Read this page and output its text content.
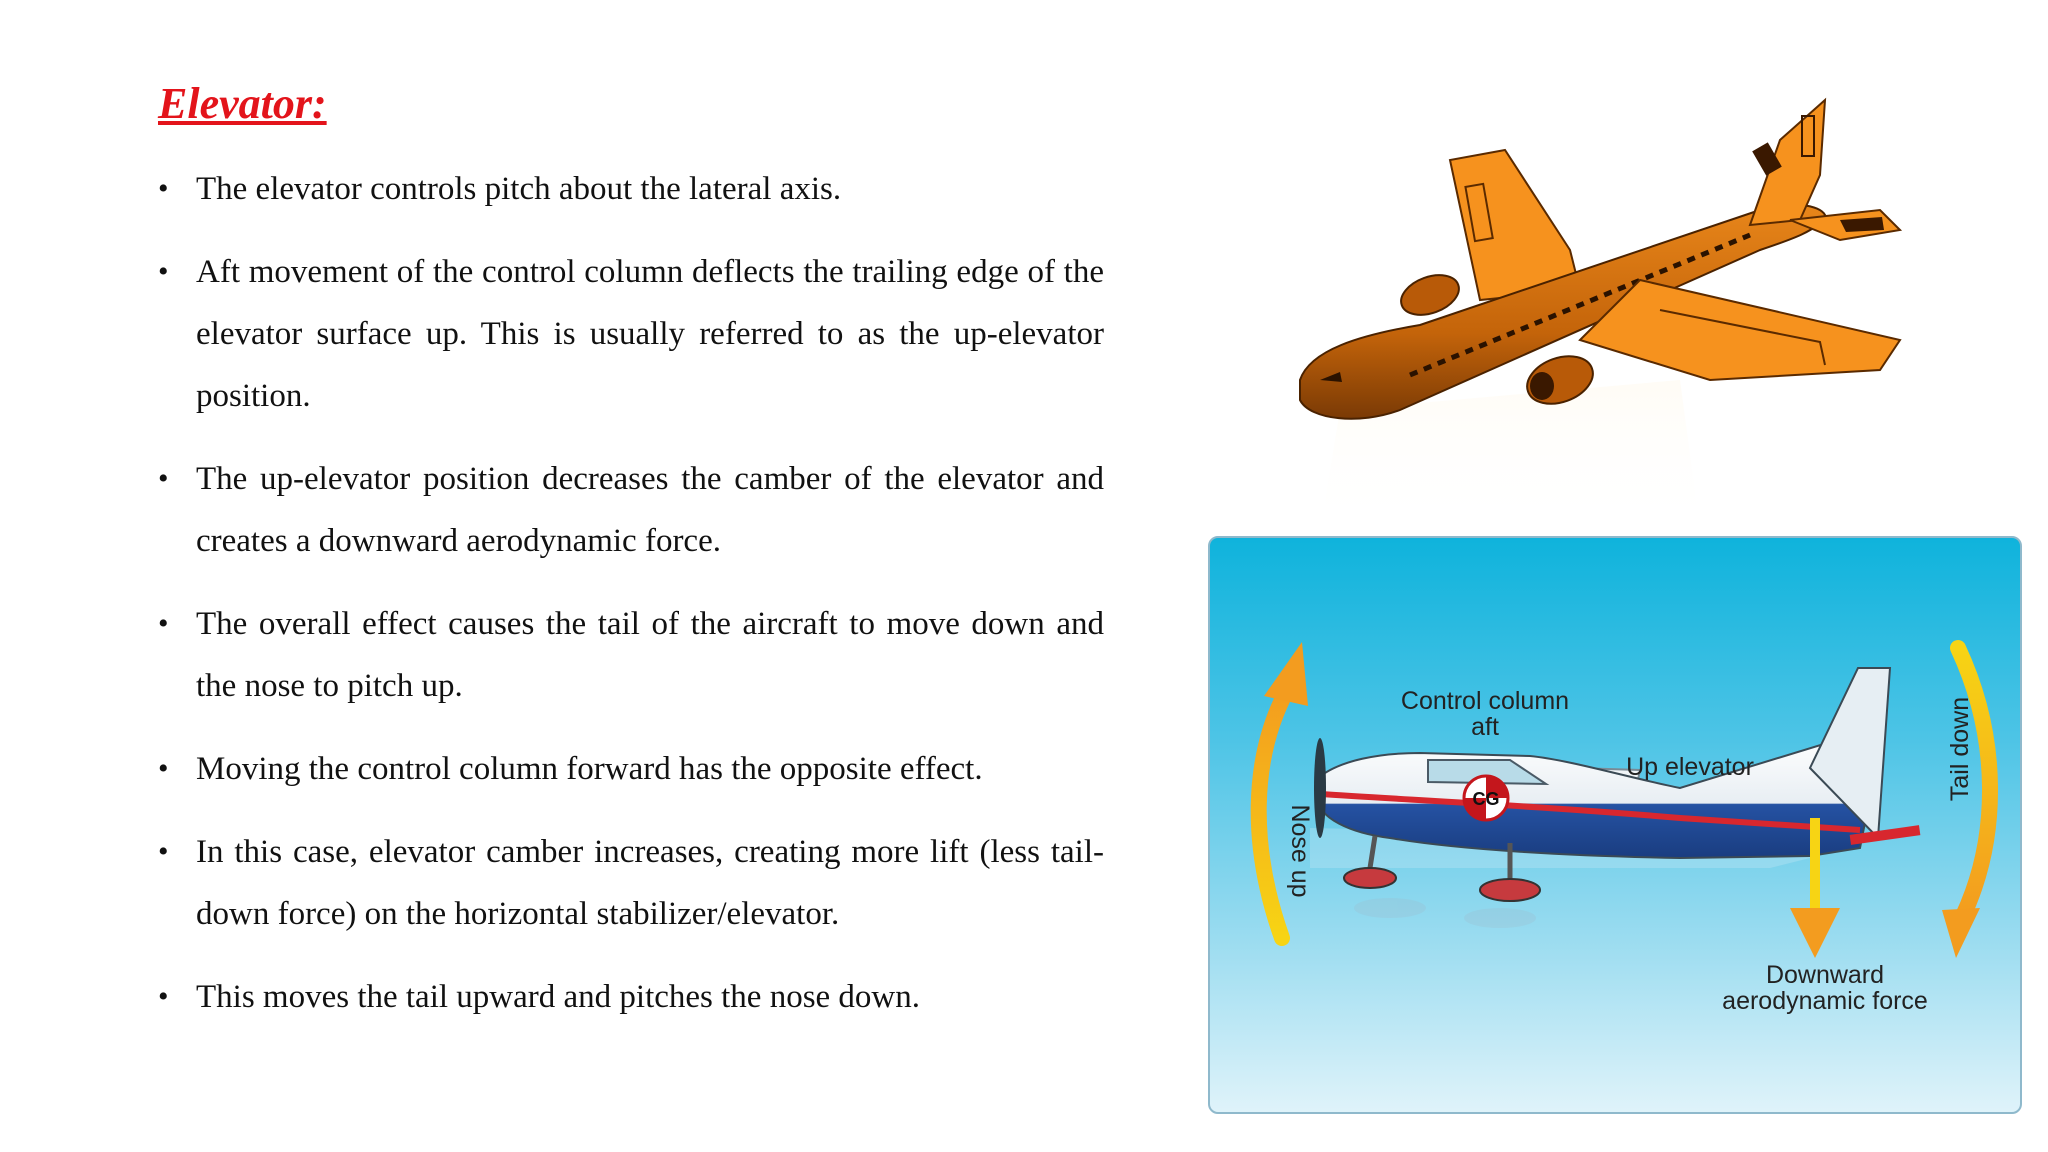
Elevator:
• The elevator controls pitch about the lateral axis.
• Aft movement of the control column deflects the trailing edge of the elevator surface up. This is usually referred to as the up-elevator position.
• The up-elevator position decreases the camber of the elevator and creates a downward aerodynamic force.
• The overall effect causes the tail of the aircraft to move down and the nose to pitch up.
• Moving the control column forward has the opposite effect.
• In this case, elevator camber increases, creating more lift (less tail-down force) on the horizontal stabilizer/elevator.
• This moves the tail upward and pitches the nose down.
Control column aft
Up elevator
CG
Nose up
Tail down
Downward aerodynamic force
